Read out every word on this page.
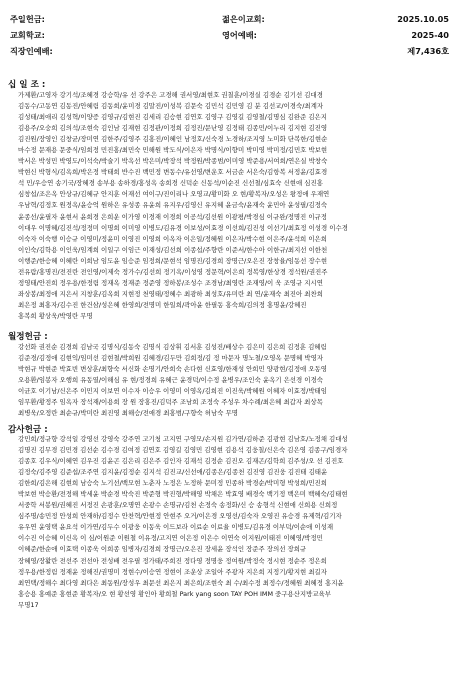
주일헌금:	젊은이교회:	2025.10.05
교회학교:	영어예배:	2025-40
직장인예배:	제7,436호
십 일 조 :
가제환/고영자 강기석/조혜경 강승학/유 선 강주은 고경해 권서영/최현호 권칠훈/이경실 김경순 김기선 김대경
김동수/고동연 김동진/안혜림 김동희/윤미경 김말진/이성복 김문숙 김민석 김민영 김 분 김선교/이경숙/최계자
김성태/최애리 김성혁/이양증 김영규/김현진 김세리 김승현 김연호 김영구 김영길 김영철/김명심 김완준 김은지
김용주/오숭희 김의석/조현숙 김인남 김재현 김정관/이정희 김정진/문난영 김정태 김종민/이누리 김지현 김진영
김진원/장영인 김창균/장미연 김한주/김영주 김홍진/이혜인 남정호/신숙경 노경하/조지영 노미화 단복한/김현순
마수정 문재용 문중식/임희정 민진홍/최민숙 민해원 박도식/이은자 박명식/이향미 박미영 박미정/김민호 박보현
박서은 박성민 박영도/이석숙/박술기 박옥선 박은미/박장석 박정원/박종범/이미영 박준용/서여희/연은실 박창숙
박현신 박형식/김옥희/박은정 박태희 반수진 백민정 변동수/유선영/변운호 서금순 서은숙/김항복 서정윤/김효경
석 민/우승연 송기국/장혜경 송부용 송하경/홍성옥 송희경 신덕순 신동석/이순진 신선철/심효숙 신현애 심진홍
심창섭/조은옥 안상규/김혜규 안지훈 어재선 여이구/진이리나 오영교/황미화 오 현/황복자/오성은 왕정애 우재연
우남혁/김정호 원정옥/윤승억 원하은 유성종 유윤희 유지우/김영신 유지혜 윤금숙/윤재숙 윤민아 윤성필/김정숙
윤종선/윤필자 윤현서 윤희경 은희운 이가영 이경재 이경희 이공석/김선원 이광평/박경심 이규완/정명진 이규정
이대우 이명혜/김진석/정정미 이명희 이미영 이병도/김유경 이보성/이효경 이선희/김진성 이선기/최효정 이성경 이수경
이숙자 이숙행 이승규 이영미/정윤미 이영진 이영희 이옥자 이은일/정혜원 이은자/박수현 이은주/윤석희 이은희
이인숙/김학용 이인욱/임계희 이일구 이임근 이재성/김선희 이종섭/주향란 이준서/한수아 이한규/최지선 이한천
이행준/한승혜 이혜란 이희남 임도윤 임승준 임정희/문현석 임명진/김경희 장명근/오은진 장창율/임동선 장수현
전유람/홍명진/전진란 전인영/이제숙 정가수/김선희 정기옥/이성영 정문혁/이은희 정복영/한상경 정석원/권진주
정영태/안진희 정우용/한정림 정재옥 정재준 정준영 정하봉/조성수 조경남/최영란 조재영/이 욱 조영규 지시연
좌상봉/최정애 지은서 지창훈/김옥희 지현정 천영태/정혜수 최광하 최성호/유미란 최 연/윤재숙 최진아 최찬희
최은정 최홍자/김수진 한건삼/성은혜 한영희/전명미 한일희/곽아윤 한필동 홍숙희/김의정 홍명윤/강혜진
홍복희 황상욱/박영란 무명
월정헌금 :
강선화 권진순 김경희 김남국 김명식/김동숙 김명식 김상휘 김서훈 김성진/배상수 김은미 김은희 김정훈 김혜림
김준경/김정애 김현익/임미선 김현철/박희원 김혜경/김두만 김희정/김 정 마문자 명노철/오영옥 문명혜 박영자
박현규 박현준 박효빈 변상훈/최향숙 서신화 손명기/안희숙 손다현 신효영/한재성 안희민 양광현/김정애 오동영
오용환/임봉자 오행희 유동열/이해심 유 현/정경희 유혜근 윤경덕/이수정 윤병우/조인숙 윤옥기 은선경 이경숙
이균호 이기남/신은주 이민지 이보연 이수자 이승우 이영미 이영옥/김희진 이진욱/박혜원 이혜자 이효정/박태임
임무환/황정주 임옥자 장석재/이용희 장 원 장홍진/김덕주 조남희 조정숙 주성우 차수례/최은혜 최갑자 최상목
최병욱/오정란 최순규/박미란 최진영 최해승/전애경 최홍범/구향숙 허남숙 무명
감사헌금 :
강민희/정규향 강석일 강영선 강영숙 강주연 고기청 고지연 구영모/손지원 김가연/김하준 김광현 김남호/노정채 김대성
김명진 김무경 김민경 김선순 김수경 김여정 김연호 김영길 김영민 김영현 김용석 김웅칠/신은숙 김은영 김종구/임경자
김종호 김우식/이혜연 김우진 김윤곤 김은리 김은주 김인자 김재석 김정순 김진오 김재곤/김학희 김주성/오 선 김진호
김정숙/김주영 김준섭/조주연 김지윤/김정순 김지석 김진교/신선애/김종은/김종천 김진영 김진웅 김진태 김태윤
김한희/김은해 김현희 남승숙 노기선/백모현 노춘자 노정은 노정하 문미정 민종하 박경순/박미형 박성희/민진희
박보현 박승환/전정해 박세윤 박순경 박숙진 박준형 박진형/박해영 박채은 박효영 배경숙 백기정 백은미 백혜숙/김태현
서중학 서봉원/권혜진 서정진 손광훈/오명연 손광수 손명규/김천 손정숙 송정화/신 승 송형석 신현애 신희용 신희정
심주명/송민정 안성희 안재하/김정수 안찬혁/안현정 안현주 오거/이은경 오영선/김숙자 오영진 유승경 유제혁/김기자
유우연 윤영택 윤요석 이가연/김두수 이광웅 이동욱 이드보라 이료순 이료율 이병도/김유경 이부덕/이순애 이성재
이수진 이승혜 이신옥 이 심/이원준 이원철 이유정/고지연 이은정 이은수 이연숙 이지원/이태진 이혜영/박정민
이혜준/한순애 이효택 이종욱 이희종 임병자/김경희 장명근/오은진 장세윤 장석인 장준주 장의선 장희규
장혜영/장활란 전선주 전선아 전성배 전우필 정가태/주희진 정다영 정명웅 정여원/박정숙 정시현 정순주 정은희
정우용/한정림 정재윤 정해진/권명미 정현수/이승연 정현이 조운상 조일아 주광자 지은희 지정기/황지현 최길자
최연택/정해수 최다영 최다은 최동원/장성우 최문선 최은지 최은희/조현숙 최 수/최수정 최정수/정혜원 최혜정 홍지윤
홍승용 홍예준 홍현준 황복자/오 현 황선영 황인아 황희철 Park yang soon TAY POH IMM 중구용산지방교육부
무명17
